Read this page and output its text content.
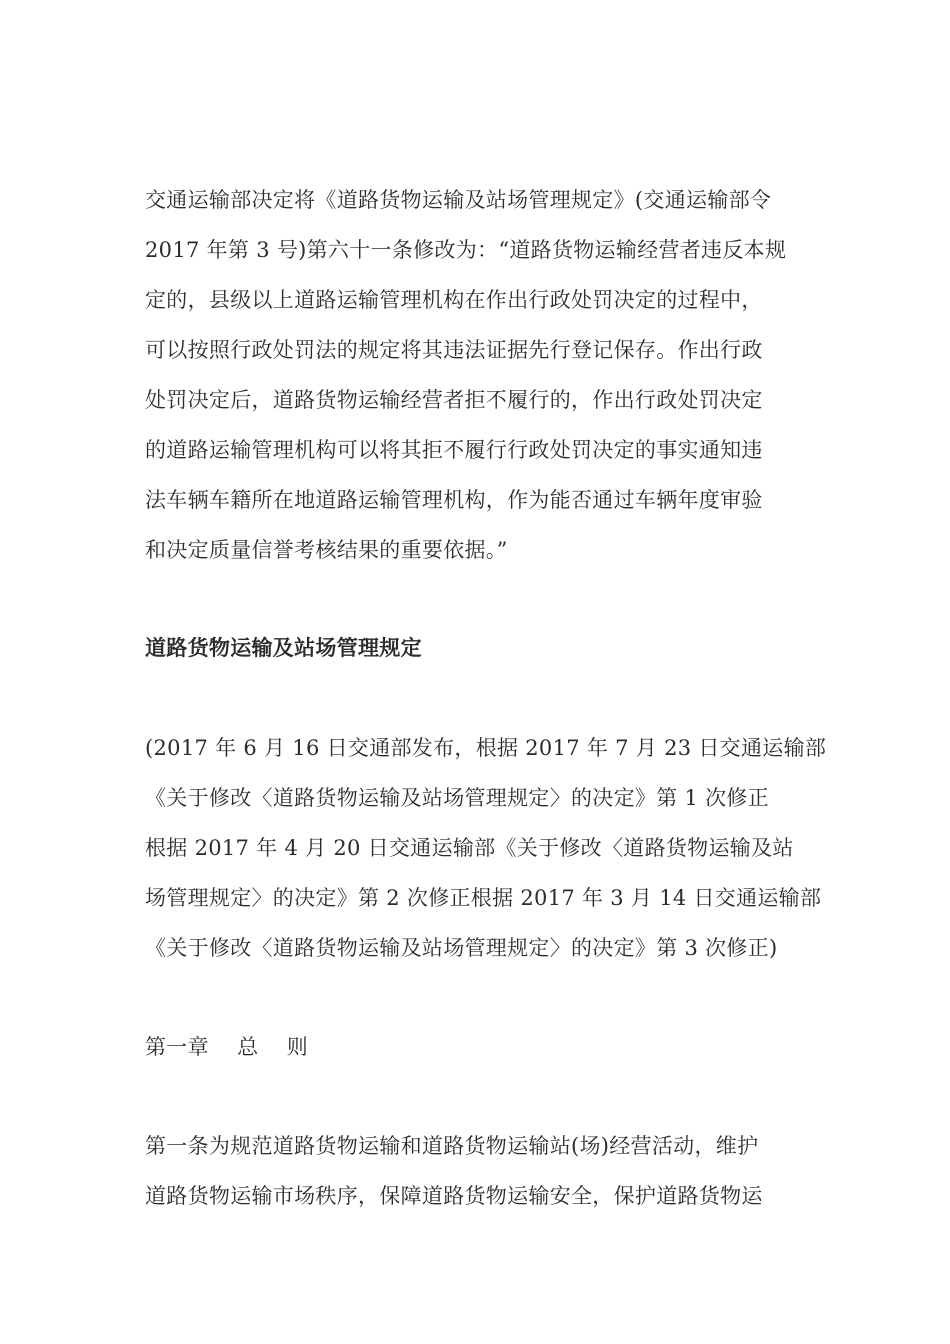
交通运输部决定将《道路货物运输及站场管理规定》(交通运输部令
2017 年第 3 号)第六十一条修改为：“道路货物运输经营者违反本规
定的，县级以上道路运输管理机构在作出行政处罚决定的过程中，
可以按照行政处罚法的规定将其违法证据先行登记保存。作出行政
处罚决定后，道路货物运输经营者拒不履行的，作出行政处罚决定
的道路运输管理机构可以将其拒不履行行政处罚决定的事实通知违
法车辆车籍所在地道路运输管理机构，作为能否通过车辆年度审验
和决定质量信誉考核结果的重要依据。”
道路货物运输及站场管理规定
(2017 年 6 月 16 日交通部发布，根据 2017 年 7 月 23 日交通运输部
《关于修改〈道路货物运输及站场管理规定〉的决定》第 1 次修正
根据 2017 年 4 月 20 日交通运输部《关于修改〈道路货物运输及站
场管理规定〉的决定》第 2 次修正根据 2017 年 3 月 14 日交通运输部
《关于修改〈道路货物运输及站场管理规定〉的决定》第 3 次修正)
第一章　 总　 则
第一条为规范道路货物运输和道路货物运输站(场)经营活动，维护
道路货物运输市场秩序，保障道路货物运输安全，保护道路货物运
